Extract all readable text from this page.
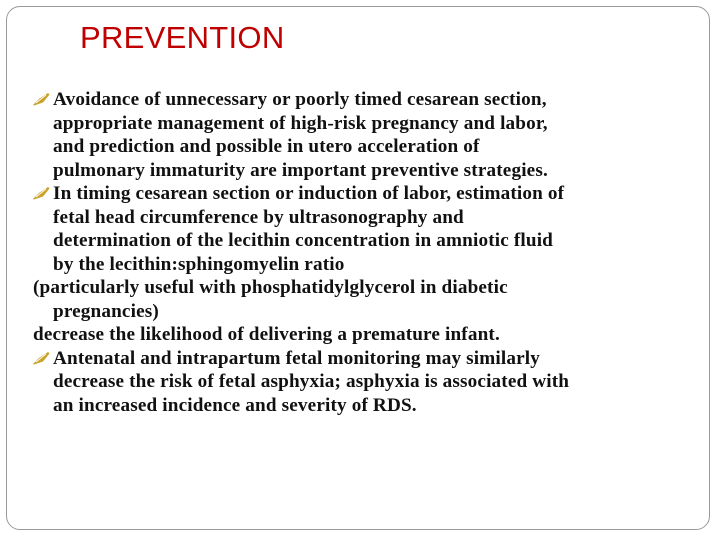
PREVENTION

Avoidance of unnecessary or poorly timed cesarean section,
appropriate management of high-risk pregnancy and labor,
and prediction and possible in utero acceleration of
pulmonary immaturity are important preventive strategies.

In timing cesarean section or induction of labor, estimation of
fetal head circumference by ultrasonography and
determination of the lecithin concentration in amniotic fluid
by the lecithin:sphingomyelin ratio

(particularly useful with phosphatidylglycerol in diabetic
pregnancies)

decrease the likelihood of delivering a premature infant.

Antenatal and intrapartum fetal monitoring may similarly
decrease the risk of fetal asphyxia; asphyxia is associated with
an increased incidence and severity of RDS.
